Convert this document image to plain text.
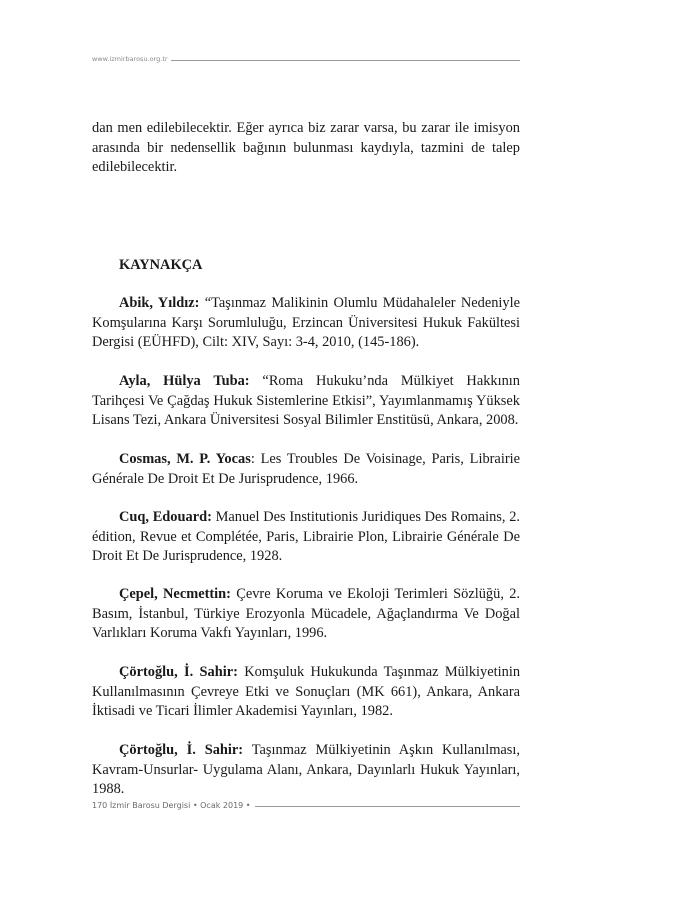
www.izmirbarosu.org.tr

dan men edilebilecektir. Eğer ayrıca biz zarar varsa, bu zarar ile imisyon arasında bir nedensellik bağının bulunması kaydıyla, tazmini de talep edilebilecektir.

KAYNAKÇA

Abik, Yıldız: “Taşınmaz Malikinin Olumlu Müdahaleler Nedeniyle Komşularına Karşı Sorumluluğu, Erzincan Üniversitesi Hukuk Fakültesi Dergisi (EÜHFD), Cilt: XIV, Sayı: 3-4, 2010, (145-186).

Ayla, Hülya Tuba: “Roma Hukuku’nda Mülkiyet Hakkının Tarihçesi Ve Çağdaş Hukuk Sistemlerine Etkisi”, Yayımlanmamış Yüksek Lisans Tezi, Ankara Üniversitesi Sosyal Bilimler Enstitüsü, Ankara, 2008.

Cosmas, M. P. Yocas: Les Troubles De Voisinage, Paris, Librairie Générale De Droit Et De Jurisprudence, 1966.

Cuq, Edouard: Manuel Des Institutionis Juridiques Des Romains, 2. édition, Revue et Complétée, Paris, Librairie Plon, Librairie Générale De Droit Et De Jurisprudence, 1928.

Çepel, Necmettin: Çevre Koruma ve Ekoloji Terimleri Sözlüğü, 2. Basım, İstanbul, Türkiye Erozyonla Mücadele, Ağaçlandırma Ve Doğal Varlıkları Koruma Vakfı Yayınları, 1996.

Çörtoğlu, İ. Sahir: Komşuluk Hukukunda Taşınmaz Mülkiyetinin Kullanılmasının Çevreye Etki ve Sonuçları (MK 661), Ankara, Ankara İktisadi ve Ticari İlimler Akademisi Yayınları, 1982.

Çörtoğlu, İ. Sahir: Taşınmaz Mülkiyetinin Aşkın Kullanılması, Kavram-Unsurlar- Uygulama Alanı, Ankara, Dayınlarlı Hukuk Yayınları, 1988.

170 İzmir Barosu Dergisi • Ocak 2019 •
